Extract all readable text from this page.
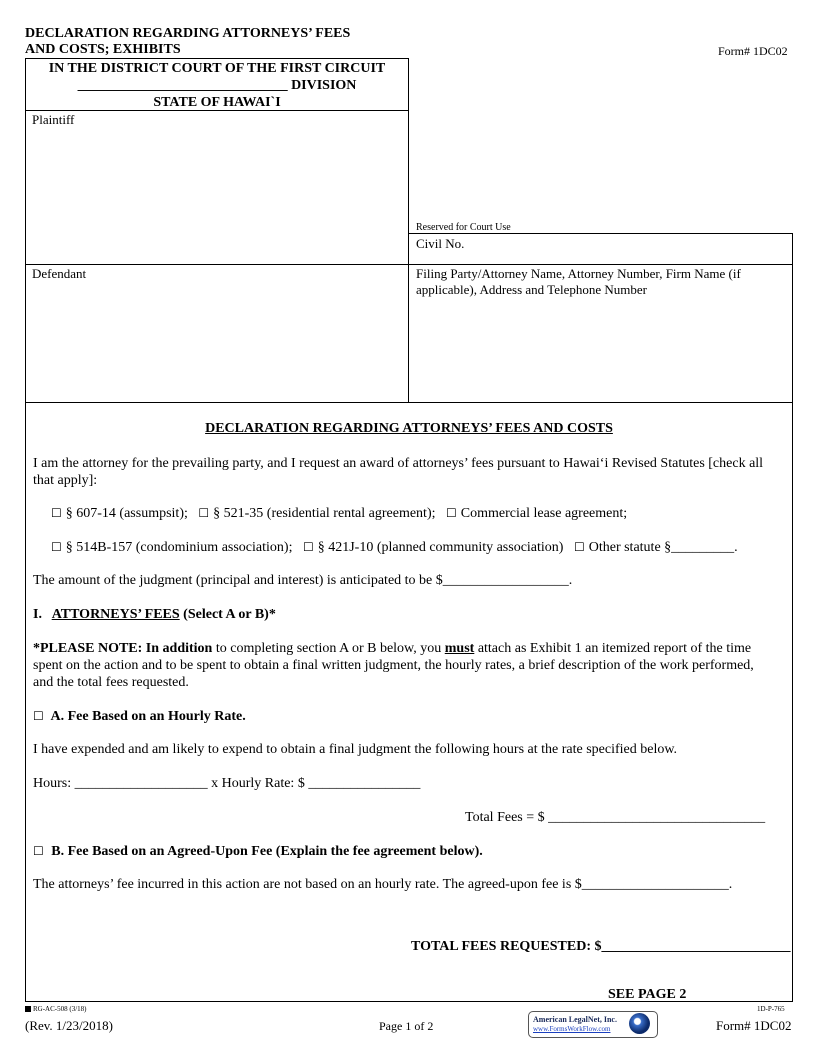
DECLARATION REGARDING ATTORNEYS’ FEES
AND COSTS; EXHIBITS	Form# 1DC02
IN THE DISTRICT COURT OF THE FIRST CIRCUIT
______________________________ DIVISION
STATE OF HAWAI`I
Plaintiff
Reserved for Court Use
Civil No.
Defendant	Filing Party/Attorney Name, Attorney Number, Firm Name (if applicable), Address and Telephone Number
DECLARATION REGARDING ATTORNEYS’ FEES AND COSTS
I am the attorney for the prevailing party, and I request an award of attorneys’ fees pursuant to Hawai‘i Revised Statutes [check all that apply]:
☐ § 607-14 (assumpsit); ☐ § 521-35 (residential rental agreement); ☐ Commercial lease agreement;
☐ § 514B-157 (condominium association); ☐ § 421J-10 (planned community association) ☐ Other statute §_________.
The amount of the judgment (principal and interest) is anticipated to be $__________________.
I. ATTORNEYS’ FEES (Select A or B)*
*PLEASE NOTE: In addition to completing section A or B below, you must attach as Exhibit 1 an itemized report of the time spent on the action and to be spent to obtain a final written judgment, the hourly rates, a brief description of the work performed, and the total fees requested.
☐ A. Fee Based on an Hourly Rate.
I have expended and am likely to expend to obtain a final judgment the following hours at the rate specified below.
Hours: ___________________ x Hourly Rate: $ ________________
Total Fees = $ _______________________________
☐ B. Fee Based on an Agreed-Upon Fee (Explain the fee agreement below).
The attorneys’ fee incurred in this action are not based on an hourly rate. The agreed-upon fee is $_____________________.
TOTAL FEES REQUESTED: $___________________________
SEE PAGE 2
RG-AC-508 (3/18)	1D-P-765
(Rev. 1/23/2018)	Page 1 of 2	American LegalNet, Inc.
www.FormsWorkFlow.com	Form# 1DC02
